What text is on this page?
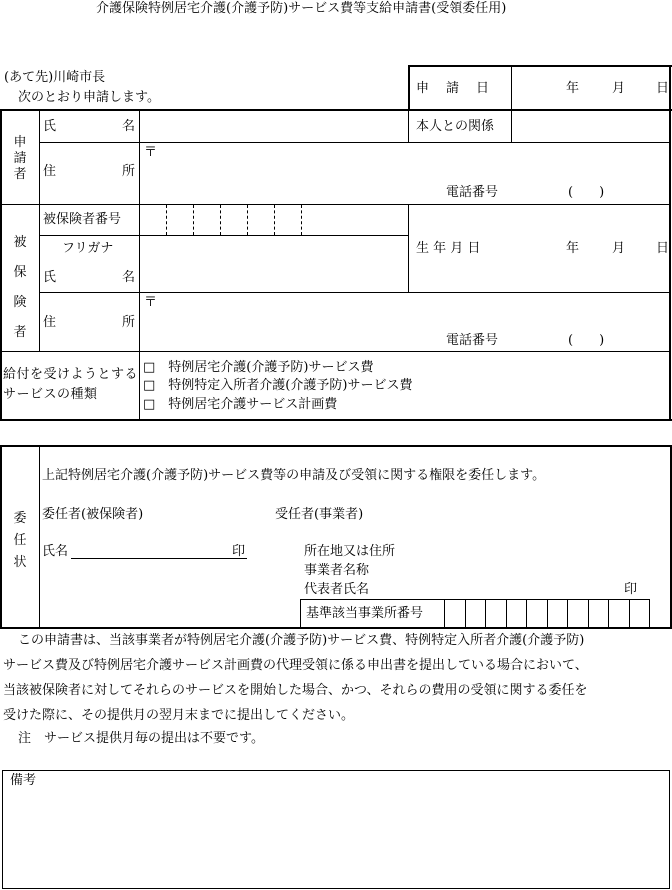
介護保険特例居宅介護(介護予防)サービス費等支給申請書(受領委任用)
(あて先)川崎市長
次のとおり申請します。
申　請　日	年	月 日
申請者
氏	名	本人との関係
住	所
〒
電話番号	(　　)
被保険者
被保険者番号
フリガナ
氏	名
生 年 月 日	年	月 日
住	所
〒
電話番号	(　　)
給付を受けようとするサービスの種類
□　特例居宅介護(介護予防)サービス費
□　特例特定入所者介護(介護予防)サービス費
□　特例居宅介護サービス計画費
委任状
上記特例居宅介護(介護予防)サービス費等の申請及び受領に関する権限を委任します。
委任者(被保険者)	受任者(事業者)
氏名	印	所在地又は住所
事業者名称
代表者氏名	印
基準該当事業所番号
この申請書は、当該事業者が特例居宅介護(介護予防)サービス費、特例特定入所者介護(介護予防)
サービス費及び特例居宅介護サービス計画費の代理受領に係る申出書を提出している場合において、
当該被保険者に対してそれらのサービスを開始した場合、かつ、それらの費用の受領に関する委任を
受けた際に、その提供月の翌月末までに提出してください。
注　サービス提供月毎の提出は不要です。
備考
